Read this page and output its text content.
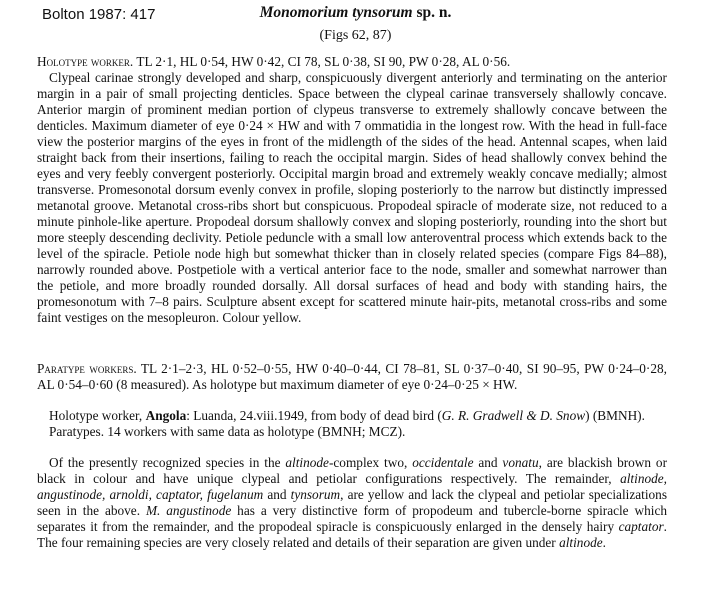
Bolton 1987: 417	Monomorium tynsorum sp. n.
(Figs 62, 87)

Holotype worker. TL 2·1, HL 0·54, HW 0·42, CI 78, SL 0·38, SI 90, PW 0·28, AL 0·56.

Clypeal carinae strongly developed and sharp, conspicuously divergent anteriorly and terminating on the anterior margin in a pair of small projecting denticles. Space between the clypeal carinae transversely shallowly concave. Anterior margin of prominent median portion of clypeus transverse to extremely shallowly concave between the denticles. Maximum diameter of eye 0·24 × HW and with 7 ommatidia in the longest row. With the head in full-face view the posterior margins of the eyes in front of the midlength of the sides of the head. Antennal scapes, when laid straight back from their insertions, failing to reach the occipital margin. Sides of head shallowly convex behind the eyes and very feebly convergent posteriorly. Occipital margin broad and extremely weakly concave medially; almost transverse. Promesonotal dorsum evenly convex in profile, sloping posteriorly to the narrow but distinctly impressed metanotal groove. Metanotal cross-ribs short but conspicuous. Propodeal spiracle of moderate size, not reduced to a minute pinhole-like aperture. Propodeal dorsum shallowly convex and sloping posteriorly, rounding into the short but more steeply descending declivity. Petiole peduncle with a small low anteroventral process which extends back to the level of the spiracle. Petiole node high but somewhat thicker than in closely related species (compare Figs 84–88), narrowly rounded above. Postpetiole with a vertical anterior face to the node, smaller and somewhat narrower than the petiole, and more broadly rounded dorsally. All dorsal surfaces of head and body with standing hairs, the promesonotum with 7–8 pairs. Sculpture absent except for scattered minute hair-pits, metanotal cross-ribs and some faint vestiges on the mesopleuron. Colour yellow.

Paratype workers. TL 2·1–2·3, HL 0·52–0·55, HW 0·40–0·44, CI 78–81, SL 0·37–0·40, SI 90–95, PW 0·24–0·28, AL 0·54–0·60 (8 measured). As holotype but maximum diameter of eye 0·24–0·25 × HW.

Holotype worker, Angola: Luanda, 24.viii.1949, from body of dead bird (G. R. Gradwell & D. Snow) (BMNH).

Paratypes. 14 workers with same data as holotype (BMNH; MCZ).

Of the presently recognized species in the altinode-complex two, occidentale and vonatu, are blackish brown or black in colour and have unique clypeal and petiolar configurations respectively. The remainder, altinode, angustinode, arnoldi, captator, fugelanum and tynsorum, are yellow and lack the clypeal and petiolar specializations seen in the above. M. angustinode has a very distinctive form of propodeum and tubercle-borne spiracle which separates it from the remainder, and the propodeal spiracle is conspicuously enlarged in the densely hairy captator. The four remaining species are very closely related and details of their separation are given under altinode.
